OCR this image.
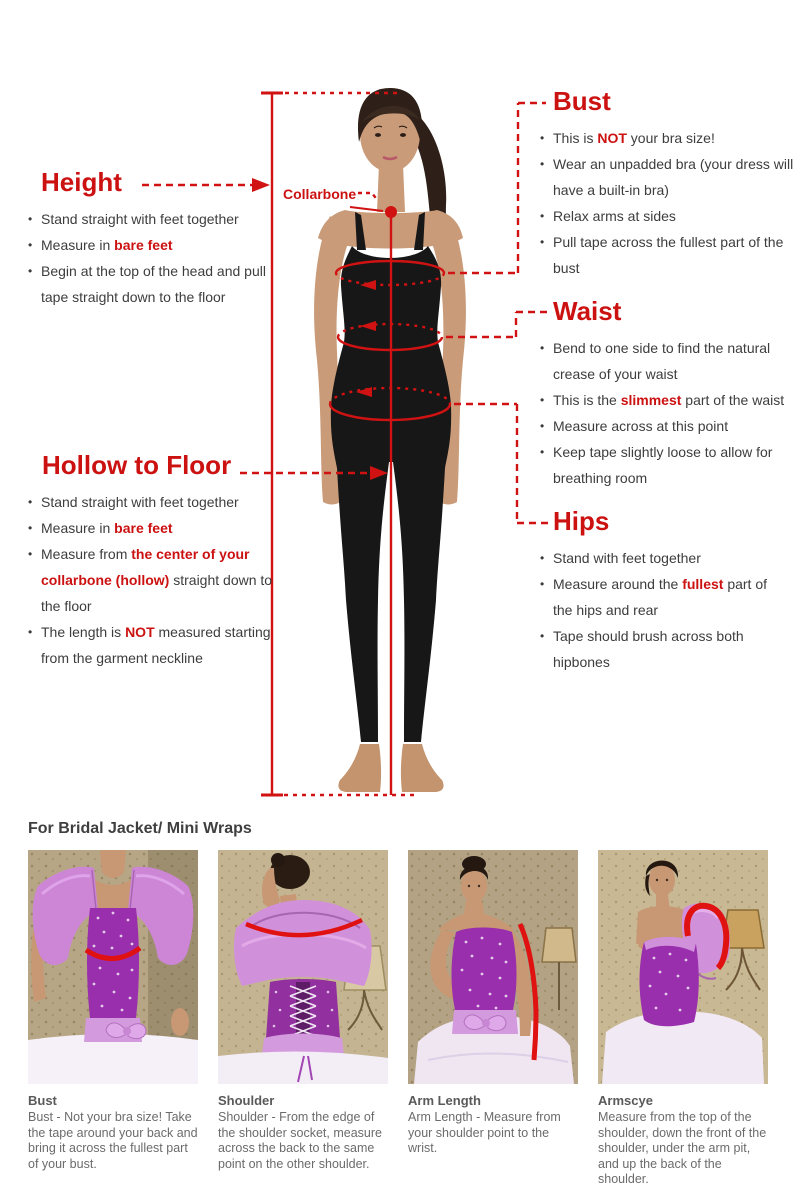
Collarbone
Height
• Stand straight with feet together
• Measure in bare feet
• Begin at the top of the head and pull tape straight down to the floor
Bust
• This is NOT your bra size!
• Wear an unpadded bra (your dress will have a built-in bra)
• Relax arms at sides
• Pull tape across the fullest part of the bust
Waist
• Bend to one side to find the natural crease of your waist
• This is the slimmest part of the waist
• Measure across at this point
• Keep tape slightly loose to allow for breathing room
Hips
• Stand with feet together
• Measure around the fullest part of the hips and rear
• Tape should brush across both hipbones
Hollow to Floor
• Stand straight with feet together
• Measure in bare feet
• Measure from the center of your collarbone (hollow) straight down to the floor
• The length is NOT measured starting from the garment neckline
For Bridal Jacket/ Mini Wraps
Bust
Bust - Not your bra size! Take the tape around your back and bring it across the fullest part of your bust.
Shoulder
Shoulder - From the edge of the shoulder socket, measure across the back to the same point on the other shoulder.
Arm Length
Arm Length - Measure from your shoulder point to the wrist.
Armscye
Measure from the top of the shoulder, down the front of the shoulder, under the arm pit, and up the back of the shoulder.
